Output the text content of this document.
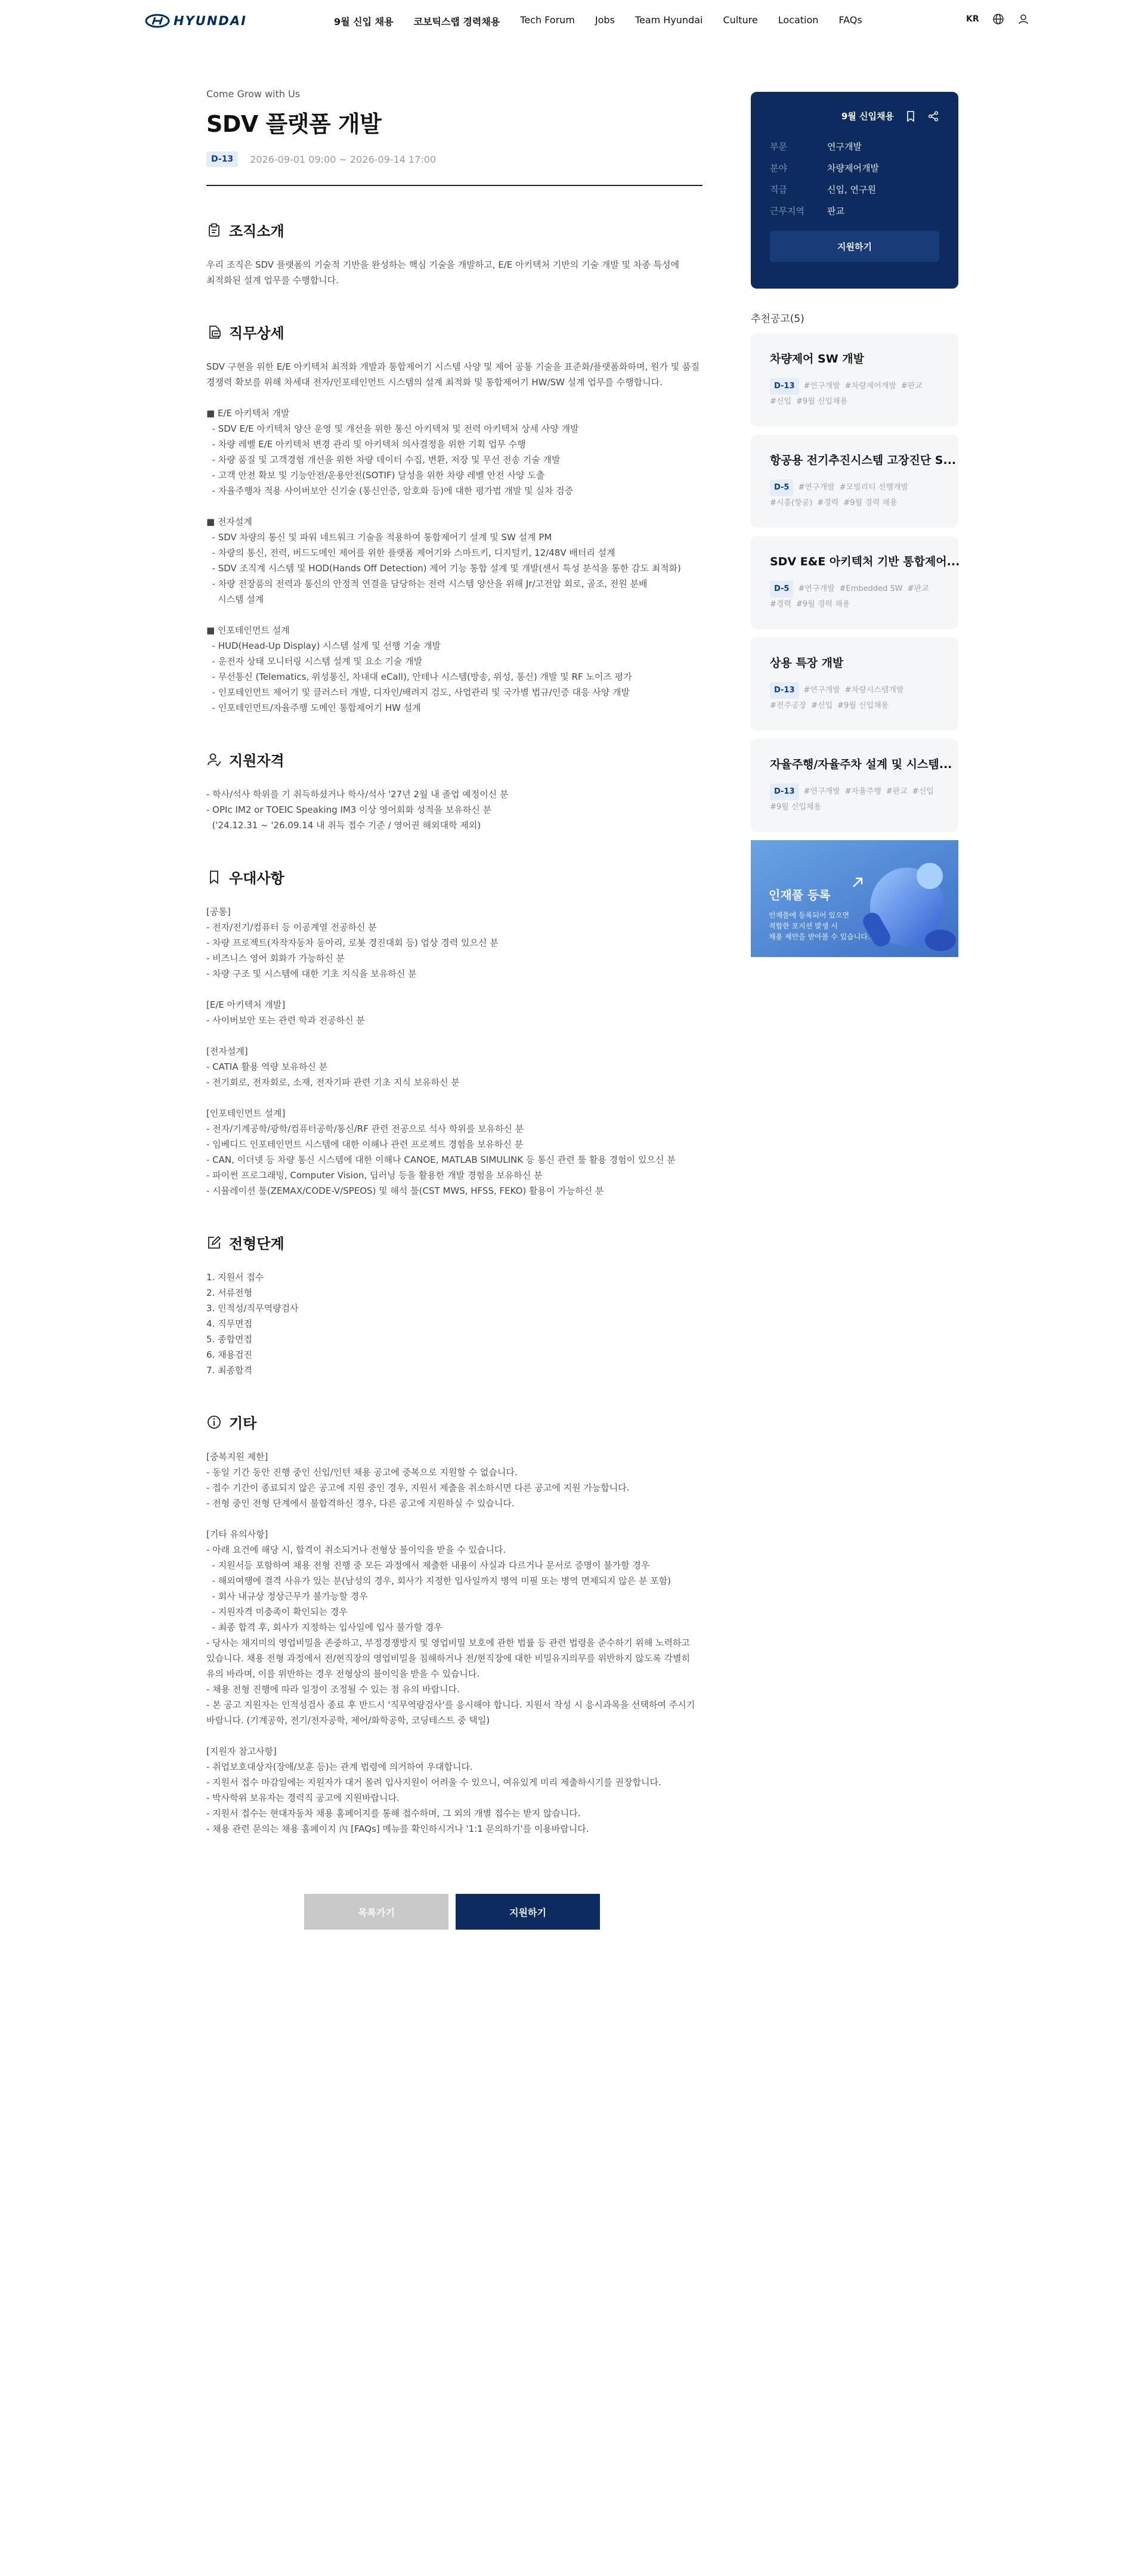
HYUNDAI	9월 신입 채용 코보틱스랩 경력채용 Tech Forum Jobs Team Hyundai Culture Location FAQs	KR
Come Grow with Us
SDV 플랫폼 개발
D-13	2026-09-01 09:00 ~ 2026-09-14 17:00
조직소개

우리 조직은 SDV 플랫폼의 기술적 기반을 완성하는 핵심 기술을 개발하고, E/E 아키텍처 기반의 기술 개발 및 차종 특성에
최적화된 설계 업무를 수행합니다.

직무상세

SDV 구현을 위한 E/E 아키텍처 최적화 개발과 통합제어기 시스템 사양 및 제어 공통 기술을 표준화/플랫폼화하며, 원가 및 품질
경쟁력 확보를 위해 차세대 전자/인포테인먼트 시스템의 설계 최적화 및 통합제어기 HW/SW 설계 업무를 수행합니다.

■ E/E 아키텍처 개발
- SDV E/E 아키텍처 양산 운영 및 개선을 위한 통신 아키텍처 및 전력 아키텍처 상세 사양 개발
- 차량 레벨 E/E 아키텍처 변경 관리 및 아키텍처 의사결정을 위한 기획 업무 수행
- 차량 품질 및 고객경험 개선을 위한 차량 데이터 수집, 변환, 저장 및 무선 전송 기술 개발
- 고객 안전 확보 및 기능안전/운용안전(SOTIF) 달성을 위한 차량 레벨 안전 사양 도출
- 자율주행차 적용 사이버보안 신기술 (통신인증, 암호화 등)에 대한 평가법 개발 및 실차 검증

■ 전자설계
- SDV 차량의 통신 및 파워 네트워크 기술을 적용하여 통합제어기 설계 및 SW 설계 PM
- 차량의 통신, 전력, 버드도메인 제어를 위한 플랫폼 제어기와 스마트키, 디지털키, 12/48V 배터리 설계
- SDV 조직계 시스템 및 HOD(Hands Off Detection) 제어 기능 통합 설계 및 개발(센서 특성 분석을 통한 감도 최적화)
- 차량 전장품의 전력과 통신의 안정적 연결을 담당하는 전력 시스템 양산을 위해 Jr/고전압 회로, 골조, 전원 분배
시스템 설계

■ 인포테인먼트 설계
- HUD(Head-Up Display) 시스템 설계 및 선행 기술 개발
- 운전자 상태 모니터링 시스템 설계 및 요소 기술 개발
- 무선통신 (Telematics, 위성통신, 차내대 eCall), 안테나 시스템(방송, 위성, 통신) 개발 및 RF 노이즈 평가
- 인포테인먼트 제어기 및 클러스터 개발, 디자인/배려지 검도, 사업관리 및 국가별 법규/인증 대응 사양 개발
- 인포테인먼트/자율주행 도메인 통합제어기 HW 설계

지원자격

- 학사/석사 학위를 기 취득하셨거나 학사/석사 '27년 2월 내 졸업 예정이신 분
- OPIc IM2 or TOEIC Speaking IM3 이상 영어회화 성적을 보유하신 분
('24.12.31 ~ '26.09.14 내 취득 접수 기준 / 영어권 해외대학 제외)

우대사항

[공통]
- 전자/전기/컴퓨터 등 이공계열 전공하신 분
- 차량 프로젝트(자작자동차 동아리, 로봇 경진대회 등) 업상 경력 있으신 분
- 비즈니스 영어 회화가 가능하신 분
- 차량 구조 및 시스템에 대한 기초 지식을 보유하신 분

[E/E 아키텍처 개발]
- 사이버보안 또는 관련 학과 전공하신 분

[전자설계]
- CATIA 활용 역량 보유하신 분
- 전기회로, 전자회로, 소재, 전자기파 관련 기초 지식 보유하신 분

[인포테인먼트 설계]
- 전자/기계공학/광학/컴퓨터공학/통신/RF 관련 전공으로 석사 학위를 보유하신 분
- 임베디드 인포테인먼트 시스템에 대한 이해나 관련 프로젝트 경험을 보유하신 분
- CAN, 이더넷 등 차량 통신 시스템에 대한 이해나 CANOE, MATLAB SIMULINK 등 통신 관련 툴 활용 경험이 있으신 분
- 파이썬 프로그래밍, Computer Vision, 딥러닝 등을 활용한 개발 경험을 보유하신 분
- 시뮬레이션 툴(ZEMAX/CODE-V/SPEOS) 및 해석 툴(CST MWS, HFSS, FEKO) 활용이 가능하신 분

전형단계

1. 지원서 접수
2. 서류전형
3. 인적성/직무역량검사
4. 직무면접
5. 종합면접
6. 채용검진
7. 최종합격

기타

[중복지원 제한]
- 동일 기간 동안 진행 중인 신입/인턴 채용 공고에 중복으로 지원할 수 없습니다.
- 접수 기간이 종료되지 않은 공고에 지원 중인 경우, 지원서 제출을 취소하시면 다른 공고에 지원 가능합니다.
- 전형 중인 전형 단계에서 불합격하신 경우, 다른 공고에 지원하실 수 있습니다.

[기타 유의사항]
- 아래 요건에 해당 시, 합격이 취소되거나 전형상 불이익을 받을 수 있습니다.
- 지원서등 포함하여 채용 전형 진행 중 모든 과정에서 제출한 내용이 사실과 다르거나 문서로 증명이 불가할 경우
- 해외여행에 결격 사유가 있는 분(남성의 경우, 회사가 지정한 입사일까지 병역 미필 또는 병역 면제되지 않은 분 포함)
- 회사 내규상 정상근무가 불가능할 경우
- 지원자격 미충족이 확인되는 경우
- 최종 합격 후, 회사가 지정하는 입사일에 입사 불가할 경우
- 당사는 채지미의 영업비밀을 존중하고, 부정경쟁방지 및 영업비밀 보호에 관한 법률 등 관련 법령을 준수하기 위해 노력하고
있습니다. 채용 전형 과정에서 전/현직장의 영업비밀을 침해하거나 전/현직장에 대한 비밀유지의무를 위반하지 않도록 각별히
유의 바라며, 이를 위반하는 경우 전형상의 불이익을 받을 수 있습니다.
- 채용 전형 진행에 따라 일정이 조정될 수 있는 점 유의 바랍니다.
- 본 공고 지원자는 인적성검사 종료 후 반드시 '직무역량검사'를 응시해야 합니다. 지원서 작성 시 응시과목을 선택하여 주시기
바랍니다. (기계공학, 전기/전자공학, 제어/화학공학, 코딩테스트 중 택일)

[지원자 참고사항]
- 취업보호대상자(장애/보훈 등)는 관계 법령에 의거하여 우대합니다.
- 지원서 접수 마감일에는 지원자가 대거 몰려 입사지원이 어려울 수 있으니, 여유있게 미리 제출하시기를 권장합니다.
- 박사학위 보유자는 경력직 공고에 지원바랍니다.
- 지원서 접수는 현대자동차 채용 홈페이지를 통해 접수하며, 그 외의 개별 접수는 받지 않습니다.
- 채용 관련 문의는 채용 홈페이지 內 [FAQs] 메뉴를 확인하시거나 '1:1 문의하기'를 이용바랍니다.

목록가기	지원하기
9월 신입채용
부문	연구개발
분야	차량제어개발
직급	신입, 연구원
근무지역	판교
지원하기
추천공고(5)
차량제어 SW 개발
D-13 #연구개발 #차량제어개발 #판교
#신입 #9월 신입채용
항공용 전기추진시스템 고장진단 S...
D-5 #연구개발 #모빌리티 선행개발
#시흥(항공) #경력 #9월 경력 채용
SDV E&E 아키텍처 기반 통합제어...
D-5 #연구개발 #Embedded SW #판교
#경력 #9월 경력 채용
상용 특장 개발
D-13 #연구개발 #차량시스템개발
#전주공장 #신입 #9월 신입채용
자율주행/자율주차 설계 및 시스템...
D-13 #연구개발 #자율주행 #판교 #신입
#9월 신입채용
인재풀 등록
인재풀에 등록되어 있으면
적합한 포지션 발생 시
채용 제안을 받아볼 수 있습니다.
